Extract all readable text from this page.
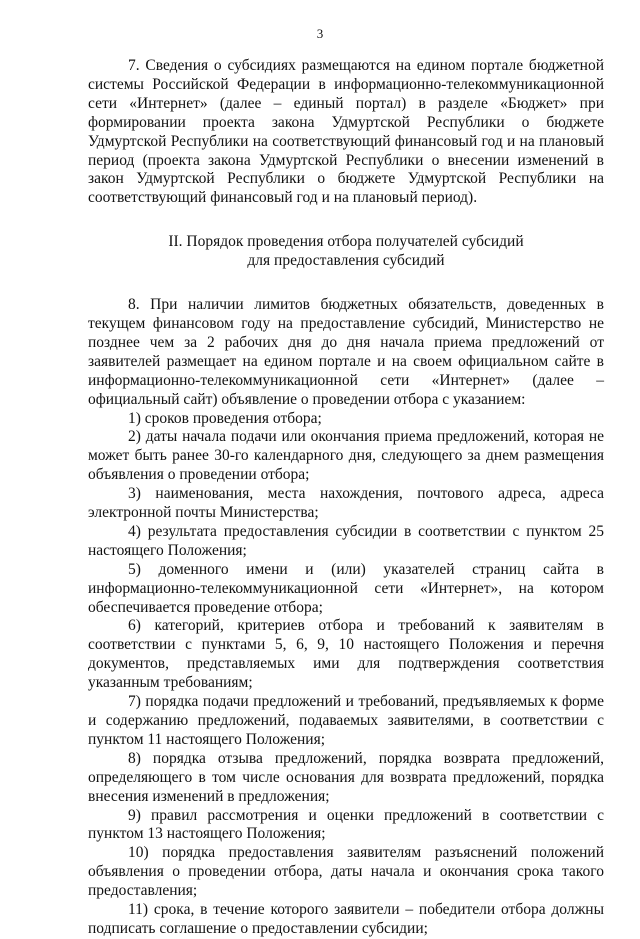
3

7. Сведения о субсидиях размещаются на едином портале бюджетной системы Российской Федерации в информационно-телекоммуникационной сети «Интернет» (далее – единый портал) в разделе «Бюджет» при формировании проекта закона Удмуртской Республики о бюджете Удмуртской Республики на соответствующий финансовый год и на плановый период (проекта закона Удмуртской Республики о внесении изменений в закон Удмуртской Республики о бюджете Удмуртской Республики на соответствующий финансовый год и на плановый период).

II. Порядок проведения отбора получателей субсидий
для предоставления субсидий

8. При наличии лимитов бюджетных обязательств, доведенных в текущем финансовом году на предоставление субсидий, Министерство не позднее чем за 2 рабочих дня до дня начала приема предложений от заявителей размещает на едином портале и на своем официальном сайте в информационно-телекоммуникационной сети «Интернет» (далее – официальный сайт) объявление о проведении отбора с указанием:

1) сроков проведения отбора;

2) даты начала подачи или окончания приема предложений, которая не может быть ранее 30-го календарного дня, следующего за днем размещения объявления о проведении отбора;

3) наименования, места нахождения, почтового адреса, адреса электронной почты Министерства;

4) результата предоставления субсидии в соответствии с пунктом 25 настоящего Положения;

5) доменного имени и (или) указателей страниц сайта в информационно-телекоммуникационной сети «Интернет», на котором обеспечивается проведение отбора;

6) категорий, критериев отбора и требований к заявителям в соответствии с пунктами 5, 6, 9, 10 настоящего Положения и перечня документов, представляемых ими для подтверждения соответствия указанным требованиям;

7) порядка подачи предложений и требований, предъявляемых к форме и содержанию предложений, подаваемых заявителями, в соответствии с пунктом 11 настоящего Положения;

8) порядка отзыва предложений, порядка возврата предложений, определяющего в том числе основания для возврата предложений, порядка внесения изменений в предложения;

9) правил рассмотрения и оценки предложений в соответствии с пунктом 13 настоящего Положения;

10) порядка предоставления заявителям разъяснений положений объявления о проведении отбора, даты начала и окончания срока такого предоставления;

11) срока, в течение которого заявители – победители отбора должны подписать соглашение о предоставлении субсидии;
